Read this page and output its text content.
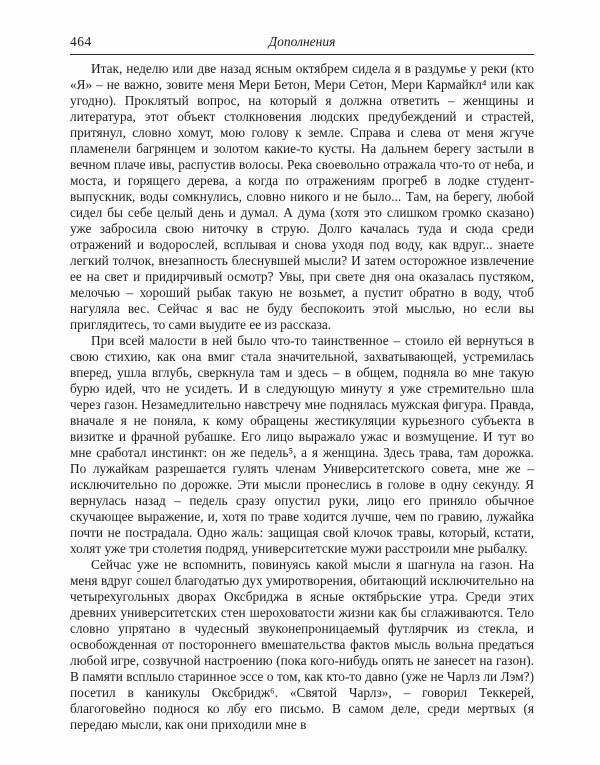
464	Дополнения

Итак, неделю или две назад ясным октябрем сидела я в раздумье у реки (кто «Я» – не важно, зовите меня Мери Бетон, Мери Сетон, Мери Кармайкл⁴ или как угодно). Проклятый вопрос, на который я должна ответить – женщины и литература, этот объект столкновения людских предубеждений и страстей, притянул, словно хомут, мою голову к земле. Справа и слева от меня жгуче пламенели багрянцем и золотом какие-то кусты. На дальнем берегу застыли в вечном плаче ивы, распустив волосы. Река своевольно отражала что-то от неба, и моста, и горящего дерева, а когда по отражениям прогреб в лодке студент-выпускник, воды сомкнулись, словно никого и не было... Там, на берегу, любой сидел бы себе целый день и думал. А дума (хотя это слишком громко сказано) уже забросила свою ниточку в струю. Долго качалась туда и сюда среди отражений и водорослей, всплывая и снова уходя под воду, как вдруг... знаете легкий толчок, внезапность блеснувшей мысли? И затем осторожное извлечение ее на свет и придирчивый осмотр? Увы, при свете дня она оказалась пустяком, мелочью – хороший рыбак такую не возьмет, а пустит обратно в воду, чтоб нагуляла вес. Сейчас я вас не буду беспокоить этой мыслью, но если вы приглядитесь, то сами выудите ее из рассказа.

При всей малости в ней было что-то таинственное – стоило ей вернуться в свою стихию, как она вмиг стала значительной, захватывающей, устремилась вперед, ушла вглубь, сверкнула там и здесь – в общем, подняла во мне такую бурю идей, что не усидеть. И в следующую минуту я уже стремительно шла через газон. Незамедлительно навстречу мне поднялась мужская фигура. Правда, вначале я не поняла, к кому обращены жестикуляции курьезного субъекта в визитке и фрачной рубашке. Его лицо выражало ужас и возмущение. И тут во мне сработал инстинкт: он же педель⁵, а я женщина. Здесь трава, там дорожка. По лужайкам разрешается гулять членам Университетского совета, мне же – исключительно по дорожке. Эти мысли пронеслись в голове в одну секунду. Я вернулась назад – педель сразу опустил руки, лицо его приняло обычное скучающее выражение, и, хотя по траве ходится лучше, чем по гравию, лужайка почти не пострадала. Одно жаль: защищая свой клочок травы, который, кстати, холят уже три столетия подряд, университетские мужи расстроили мне рыбалку.

Сейчас уже не вспомнить, повинуясь какой мысли я шагнула на газон. На меня вдруг сошел благодатью дух умиротворения, обитающий исключительно на четырехугольных дворах Оксбриджа в ясные октябрьские утра. Среди этих древних университетских стен шероховатости жизни как бы сглаживаются. Тело словно упрятано в чудесный звуконепроницаемый футлярчик из стекла, и освобожденная от постороннего вмешательства фактов мысль вольна предаться любой игре, созвучной настроению (пока кого-нибудь опять не занесет на газон). В памяти всплыло старинное эссе о том, как кто-то давно (уже не Чарлз ли Лэм?) посетил в каникулы Оксбридж⁶. «Святой Чарлз», – говорил Теккерей, благоговейно поднося ко лбу его письмо. В самом деле, среди мертвых (я передаю мысли, как они приходили мне в
